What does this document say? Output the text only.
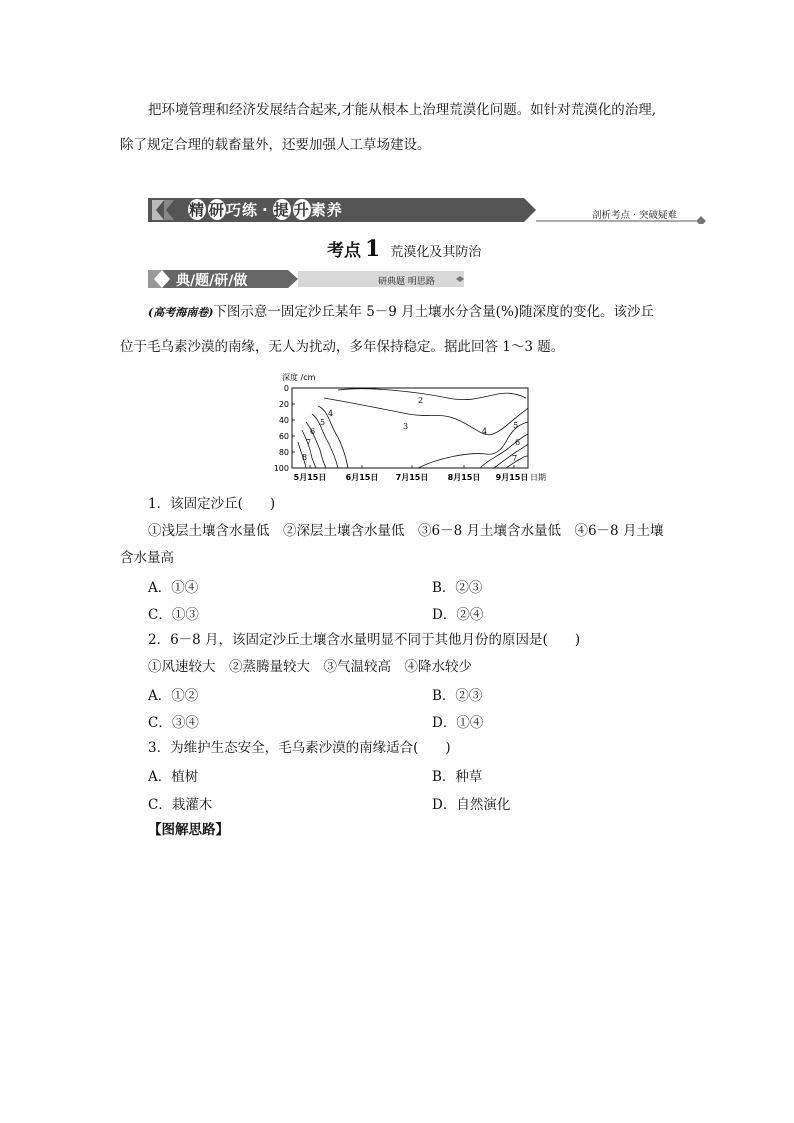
把环境管理和经济发展结合起来,才能从根本上治理荒漠化问题。如针对荒漠化的治理,
除了规定合理的载畜量外，还要加强人工草场建设。
精 研巧练 · 提 升素养	剖析考点 · 突破疑难
考点 1 荒漠化及其防治
典/题/研/做	研典题 明思路
(高考海南卷)下图示意一固定沙丘某年 5－9 月土壤水分含量(%)随深度的变化。该沙丘
位于毛乌素沙漠的南缘，无人为扰动，多年保持稳定。据此回答 1～3 题。
深度 /cm
0
20
40
60
80
100
5月15日 6月15日 7月15日 8月15日 9月15日 日期
2
3
4
5
6
7
8
4
5
6
7
1．该固定沙丘(　　)
①浅层土壤含水量低　②深层土壤含水量低　③6－8 月土壤含水量低　④6－8 月土壤
含水量高
A．①④	B．②③
C．①③	D．②④
2．6－8 月，该固定沙丘土壤含水量明显不同于其他月份的原因是(　　)
①风速较大　②蒸腾量较大　③气温较高　④降水较少
A．①②	B．②③
C．③④	D．①④
3．为维护生态安全，毛乌素沙漠的南缘适合(　　)
A．植树	B．种草
C．栽灌木	D．自然演化
【图解思路】
